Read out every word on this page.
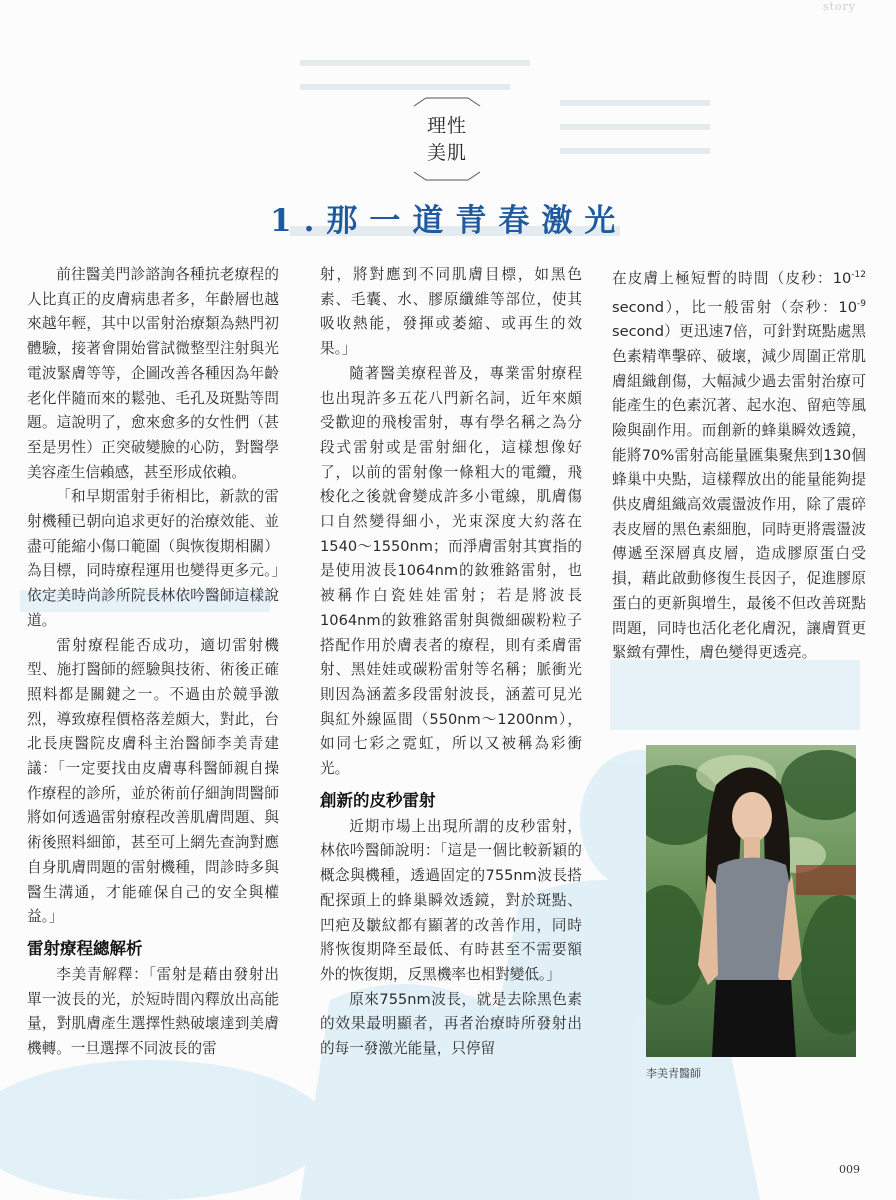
story
理性
美肌
1.那一道青春激光

前往醫美門診諮詢各種抗老療程的人比真正的皮膚病患者多，年齡層也越來越年輕，其中以雷射治療類為熱門初體驗，接著會開始嘗試微整型注射與光電波緊膚等等，企圖改善各種因為年齡老化伴隨而來的鬆弛、毛孔及斑點等問題。這說明了，愈來愈多的女性們（甚至是男性）正突破變臉的心防，對醫學美容產生信賴感，甚至形成依賴。

「和早期雷射手術相比，新款的雷射機種已朝向追求更好的治療效能、並盡可能縮小傷口範圍（與恢復期相關）為目標，同時療程運用也變得更多元。」依定美時尚診所院長林依吟醫師這樣說道。

雷射療程能否成功，適切雷射機型、施打醫師的經驗與技術、術後正確照料都是關鍵之一。不過由於競爭激烈，導致療程價格落差頗大，對此，台北長庚醫院皮膚科主治醫師李美青建議：「一定要找由皮膚專科醫師親自操作療程的診所，並於術前仔細詢問醫師將如何透過雷射療程改善肌膚問題、與術後照料細節，甚至可上網先查詢對應自身肌膚問題的雷射機種，問診時多與醫生溝通，才能確保自己的安全與權益。」

雷射療程總解析

李美青解釋：「雷射是藉由發射出單一波長的光，於短時間內釋放出高能量，對肌膚產生選擇性熱破壞達到美膚機轉。一旦選擇不同波長的雷

射，將對應到不同肌膚目標，如黑色素、毛囊、水、膠原纖維等部位，使其吸收熱能，發揮或萎縮、或再生的效果。」

隨著醫美療程普及，專業雷射療程也出現許多五花八門新名詞，近年來頗受歡迎的飛梭雷射，專有學名稱之為分段式雷射或是雷射細化，這樣想像好了，以前的雷射像一條粗大的電纜，飛梭化之後就會變成許多小電線，肌膚傷口自然變得細小，光束深度大約落在1540～1550nm；而淨膚雷射其實指的是使用波長1064nm的釹雅鉻雷射，也被稱作白瓷娃娃雷射；若是將波長1064nm的釹雅鉻雷射與微細碳粉粒子搭配作用於膚表者的療程，則有柔膚雷射、黑娃娃或碳粉雷射等名稱；脈衝光則因為涵蓋多段雷射波長，涵蓋可見光與紅外線區間（550nm～1200nm），如同七彩之霓虹，所以又被稱為彩衝光。

創新的皮秒雷射

近期市場上出現所謂的皮秒雷射，林依吟醫師說明：「這是一個比較新穎的概念與機種，透過固定的755nm波長搭配探頭上的蜂巢瞬效透鏡，對於斑點、凹疤及皺紋都有顯著的改善作用，同時將恢復期降至最低、有時甚至不需要額外的恢復期，反黑機率也相對變低。」

原來755nm波長，就是去除黑色素的效果最明顯者，再者治療時所發射出的每一發激光能量，只停留

在皮膚上極短暫的時間（皮秒：$10^{-12}$ second），比一般雷射（奈秒：$10^{-9}$ second）更迅速7倍，可針對斑點處黑色素精準擊碎、破壞，減少周圍正常肌膚組織創傷，大幅減少過去雷射治療可能產生的色素沉著、起水泡、留疤等風險與副作用。而創新的蜂巢瞬效透鏡，能將70%雷射高能量匯集聚焦到130個蜂巢中央點，這樣釋放出的能量能夠提供皮膚組織高效震盪波作用，除了震碎表皮層的黑色素細胞，同時更將震盪波傳遞至深層真皮層，造成膠原蛋白受損，藉此啟動修復生長因子，促進膠原蛋白的更新與增生，最後不但改善斑點問題，同時也活化老化膚況，讓膚質更緊緻有彈性，膚色變得更透亮。

李美青醫師
009
